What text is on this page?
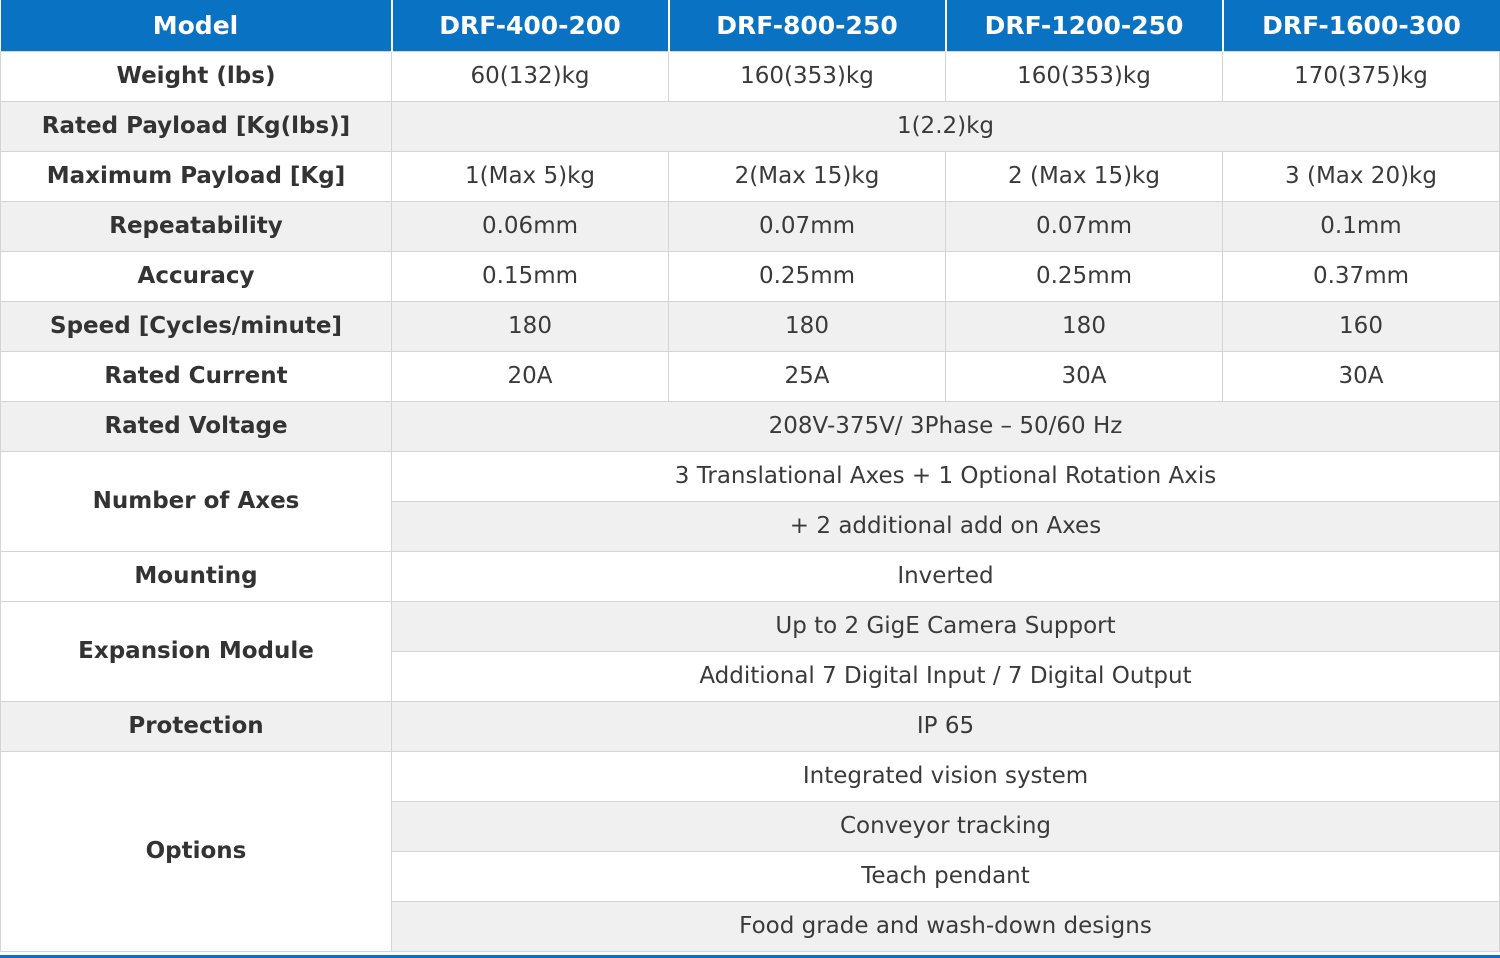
Model	DRF-400-200	DRF-800-250	DRF-1200-250	DRF-1600-300
Weight (lbs)	60(132)kg	160(353)kg	160(353)kg	170(375)kg
Rated Payload [Kg(lbs)]	1(2.2)kg			
Maximum Payload [Kg]	1(Max 5)kg	2(Max 15)kg	2 (Max 15)kg	3 (Max 20)kg
Repeatability	0.06mm	0.07mm	0.07mm	0.1mm
Accuracy	0.15mm	0.25mm	0.25mm	0.37mm
Speed [Cycles/minute]	180	180	180	160
Rated Current	20A	25A	30A	30A
Rated Voltage	208V-375V/ 3Phase – 50/60 Hz			
Number of Axes	3 Translational Axes + 1 Optional Rotation Axis			
	+ 2 additional add on Axes			
Mounting	Inverted			
Expansion Module	Up to 2 GigE Camera Support			
	Additional 7 Digital Input / 7 Digital Output			
Protection	IP 65			
Options	Integrated vision system			
	Conveyor tracking			
	Teach pendant			
	Food grade and wash-down designs			
